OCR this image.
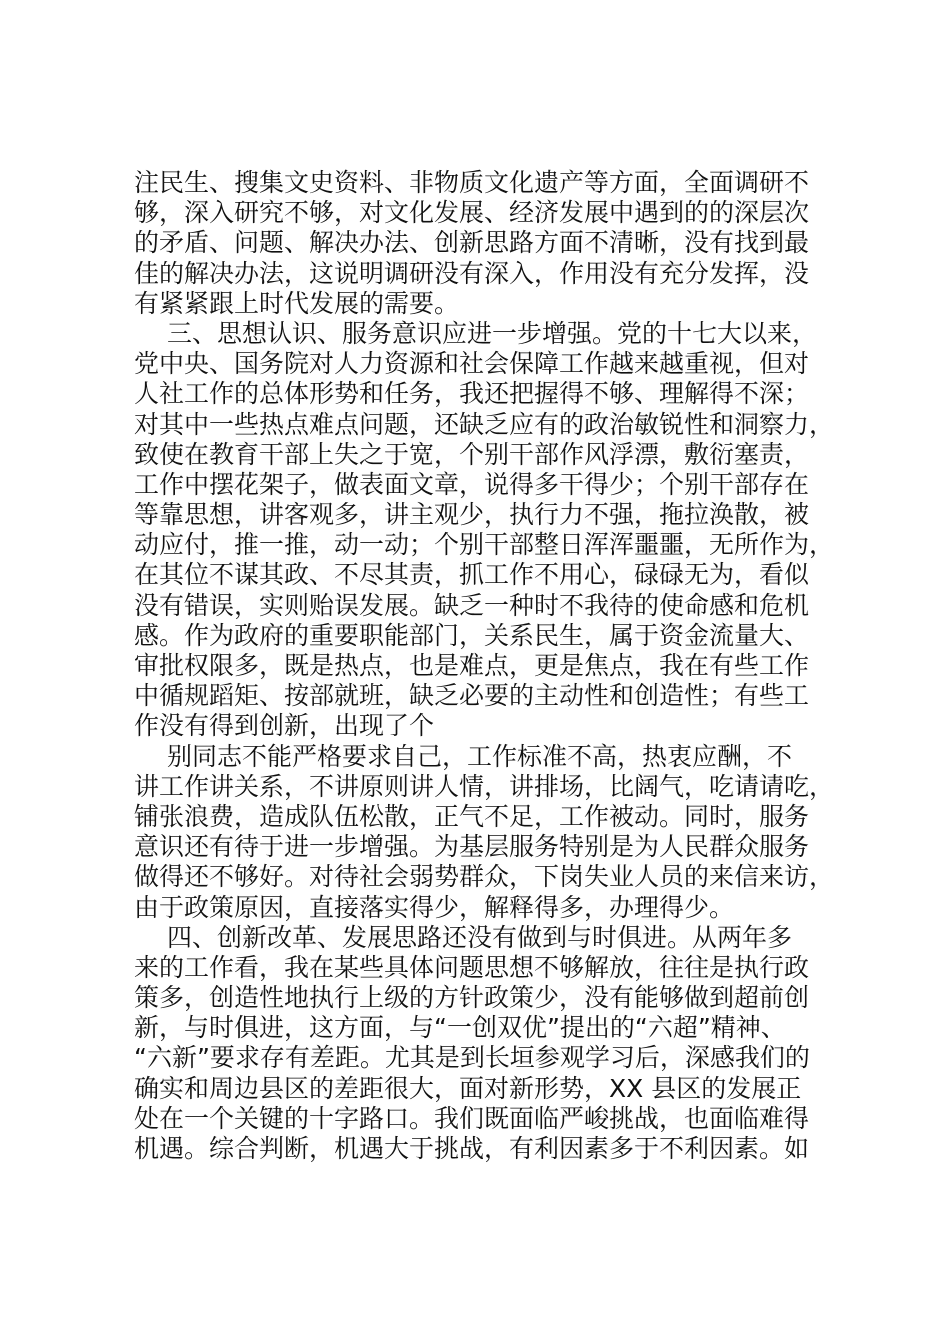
注民生、搜集文史资料、非物质文化遗产等方面，全面调研不
够，深入研究不够，对文化发展、经济发展中遇到的的深层次
的矛盾、问题、解决办法、创新思路方面不清晰，没有找到最
佳的解决办法，这说明调研没有深入，作用没有充分发挥，没
有紧紧跟上时代发展的需要。
三、思想认识、服务意识应进一步增强。党的十七大以来，
党中央、国务院对人力资源和社会保障工作越来越重视，但对
人社工作的总体形势和任务，我还把握得不够、理解得不深；
对其中一些热点难点问题，还缺乏应有的政治敏锐性和洞察力，
致使在教育干部上失之于宽，个别干部作风浮漂，敷衍塞责，
工作中摆花架子，做表面文章，说得多干得少；个别干部存在
等靠思想，讲客观多，讲主观少，执行力不强，拖拉涣散，被
动应付，推一推，动一动；个别干部整日浑浑噩噩，无所作为，
在其位不谋其政、不尽其责，抓工作不用心，碌碌无为，看似
没有错误，实则贻误发展。缺乏一种时不我待的使命感和危机
感。作为政府的重要职能部门，关系民生，属于资金流量大、
审批权限多，既是热点，也是难点，更是焦点，我在有些工作
中循规蹈矩、按部就班，缺乏必要的主动性和创造性；有些工
作没有得到创新，出现了个
别同志不能严格要求自己，工作标准不高，热衷应酬，不
讲工作讲关系，不讲原则讲人情，讲排场，比阔气，吃请请吃，
铺张浪费，造成队伍松散，正气不足，工作被动。同时，服务
意识还有待于进一步增强。为基层服务特别是为人民群众服务
做得还不够好。对待社会弱势群众，下岗失业人员的来信来访，
由于政策原因，直接落实得少，解释得多，办理得少。
四、创新改革、发展思路还没有做到与时俱进。从两年多
来的工作看，我在某些具体问题思想不够解放，往往是执行政
策多，创造性地执行上级的方针政策少，没有能够做到超前创
新，与时俱进，这方面，与“一创双优”提出的“六超”精神、
“六新”要求存有差距。尤其是到长垣参观学习后，深感我们的
确实和周边县区的差距很大，面对新形势，XX 县区的发展正
处在一个关键的十字路口。我们既面临严峻挑战，也面临难得
机遇。综合判断，机遇大于挑战，有利因素多于不利因素。如
